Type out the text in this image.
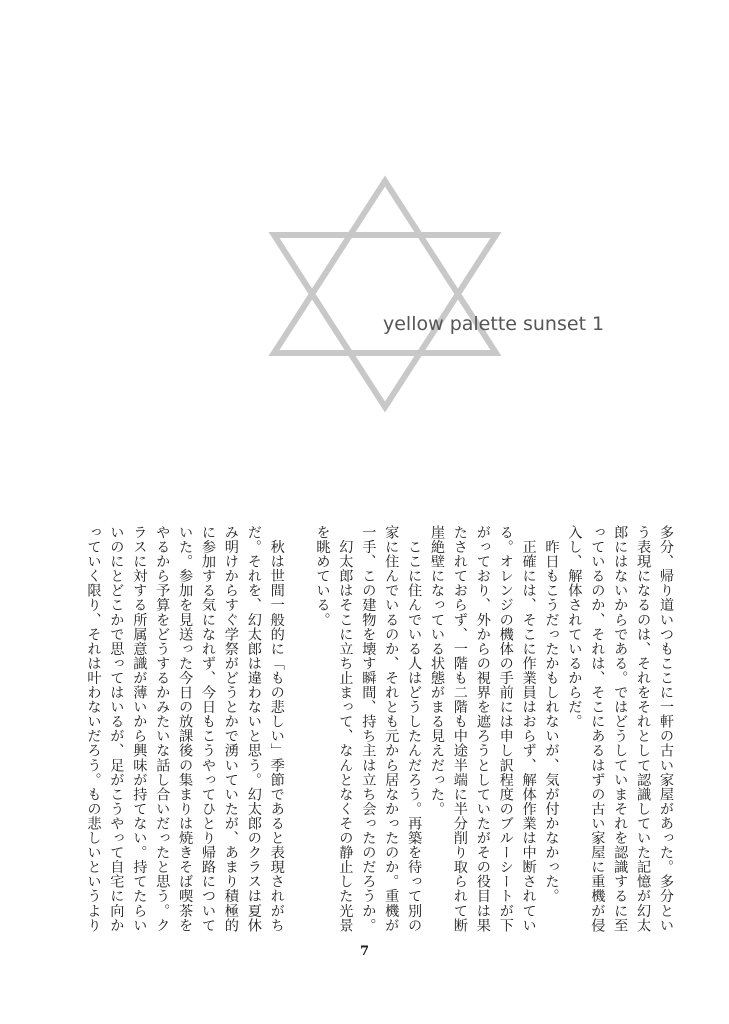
yellow palette sunset 1
多分、帰り道いつもここに一軒の古い家屋があった。多分とい
う表現になるのは、それをそれとして認識していた記憶が幻太
郎にはないからである。ではどうしていまそれを認識するに至
っているのか、それは、そこにあるはずの古い家屋に重機が侵
入し、解体されているからだ。
　昨日もこうだったかもしれないが、気が付かなかった。
　正確には、そこに作業員はおらず、解体作業は中断されてい
る。オレンジの機体の手前には申し訳程度のブルーシートが下
がっており、外からの視界を遮ろうとしていたがその役目は果
たされておらず、一階も二階も中途半端に半分削り取られて断
崖絶壁になっている状態がまる見えだった。
　ここに住んでいる人はどうしたんだろう。再築を待って別の
家に住んでいるのか、それとも元から居なかったのか。重機が
一手、この建物を壊す瞬間、持ち主は立ち会ったのだろうか。
　幻太郎はそこに立ち止まって、なんとなくその静止した光景
を眺めている。
　秋は世間一般的に「もの悲しい」季節であると表現されがち
だ。それを、幻太郎は違わないと思う。幻太郎のクラスは夏休
み明けからすぐ学祭がどうとかで湧いていたが、あまり積極的
に参加する気になれず、今日もこうやってひとり帰路について
いた。参加を見送った今日の放課後の集まりは焼きそば喫茶を
やるから予算をどうするかみたいな話し合いだったと思う。ク
ラスに対する所属意識が薄いから興味が持てない。持てたらい
いのにとどこかで思ってはいるが、足がこうやって自宅に向か
っていく限り、それは叶わないだろう。もの悲しいというより
7
